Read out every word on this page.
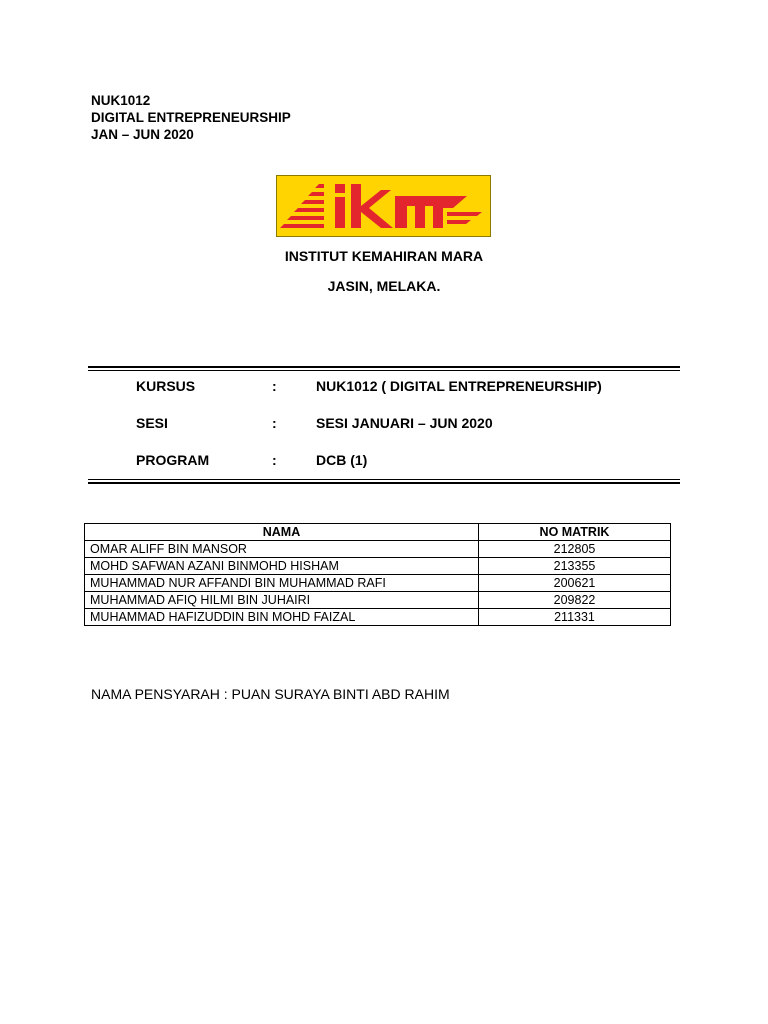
NUK1012
DIGITAL ENTREPRENEURSHIP
JAN – JUN 2020
INSTITUT KEMAHIRAN MARA
JASIN, MELAKA.
KURSUS	:	NUK1012 ( DIGITAL ENTREPRENEURSHIP)
SESI	:	SESI JANUARI – JUN 2020
PROGRAM	:	DCB (1)
NAMA	NO MATRIK
OMAR ALIFF BIN MANSOR	212805
MOHD SAFWAN AZANI BINMOHD HISHAM	213355
MUHAMMAD NUR AFFANDI BIN MUHAMMAD RAFI	200621
MUHAMMAD AFIQ HILMI BIN JUHAIRI	209822
MUHAMMAD HAFIZUDDIN BIN MOHD FAIZAL	211331
NAMA PENSYARAH : PUAN SURAYA BINTI ABD RAHIM
